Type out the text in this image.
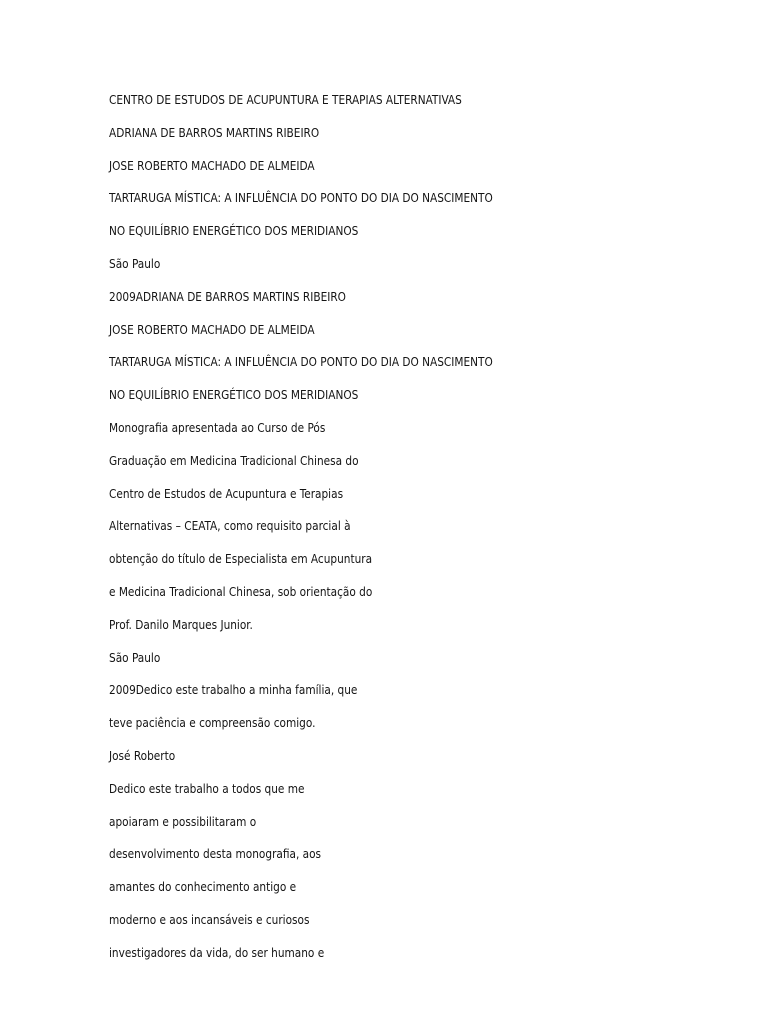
CENTRO DE ESTUDOS DE ACUPUNTURA E TERAPIAS ALTERNATIVAS
ADRIANA DE BARROS MARTINS RIBEIRO
JOSE ROBERTO MACHADO DE ALMEIDA
TARTARUGA MÍSTICA: A INFLUÊNCIA DO PONTO DO DIA DO NASCIMENTO
NO EQUILÍBRIO ENERGÉTICO DOS MERIDIANOS
São Paulo
2009ADRIANA DE BARROS MARTINS RIBEIRO
JOSE ROBERTO MACHADO DE ALMEIDA
TARTARUGA MÍSTICA: A INFLUÊNCIA DO PONTO DO DIA DO NASCIMENTO
NO EQUILÍBRIO ENERGÉTICO DOS MERIDIANOS
Monografia apresentada ao Curso de Pós
Graduação em Medicina Tradicional Chinesa do
Centro de Estudos de Acupuntura e Terapias
Alternativas – CEATA, como requisito parcial à
obtenção do título de Especialista em Acupuntura
e Medicina Tradicional Chinesa, sob orientação do
Prof. Danilo Marques Junior.
São Paulo
2009Dedico este trabalho a minha família, que
teve paciência e compreensão comigo.
José Roberto
Dedico este trabalho a todos que me
apoiaram e possibilitaram o
desenvolvimento desta monografia, aos
amantes do conhecimento antigo e
moderno e aos incansáveis e curiosos
investigadores da vida, do ser humano e
